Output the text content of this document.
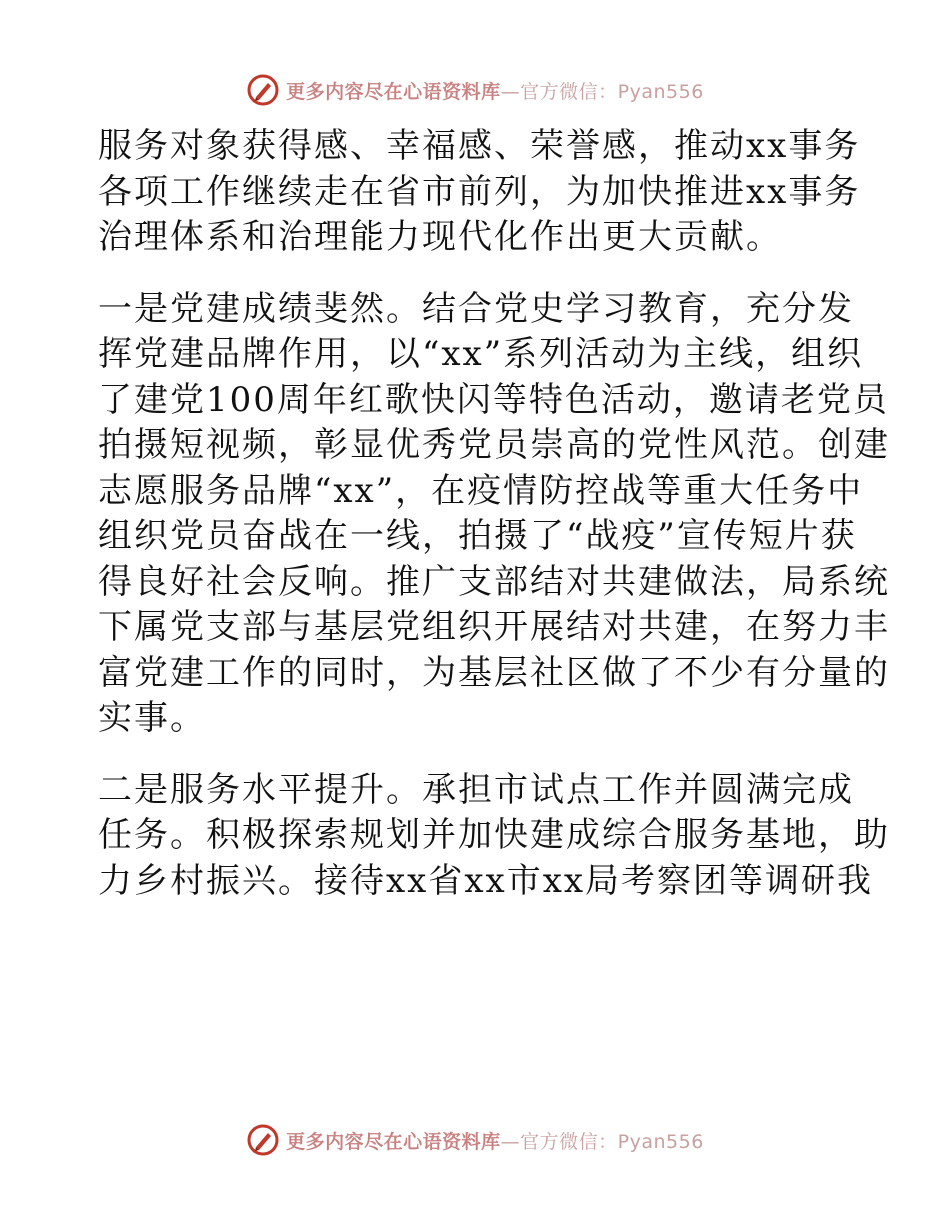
更多内容尽在心语资料库—官方微信：Pyan556

服务对象获得感、幸福感、荣誉感，推动xx事务
各项工作继续走在省市前列，为加快推进xx事务
治理体系和治理能力现代化作出更大贡献。

一是党建成绩斐然。结合党史学习教育，充分发
挥党建品牌作用，以“xx”系列活动为主线，组织
了建党100周年红歌快闪等特色活动，邀请老党员
拍摄短视频，彰显优秀党员崇高的党性风范。创建
志愿服务品牌“xx”，在疫情防控战等重大任务中
组织党员奋战在一线，拍摄了“战疫”宣传短片获
得良好社会反响。推广支部结对共建做法，局系统
下属党支部与基层党组织开展结对共建，在努力丰
富党建工作的同时，为基层社区做了不少有分量的
实事。

二是服务水平提升。承担市试点工作并圆满完成
任务。积极探索规划并加快建成综合服务基地，助
力乡村振兴。接待xx省xx市xx局考察团等调研我

更多内容尽在心语资料库—官方微信：Pyan556
